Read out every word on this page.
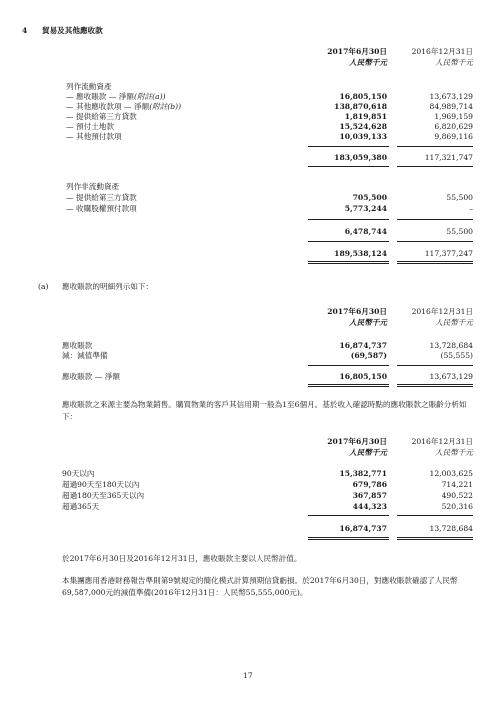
4 貿易及其他應收款
2017年6月30日	2016年12月31日
人民幣千元	人民幣千元
列作流動資產
— 應收賬款 — 淨額(附註(a))	16,805,150	13,673,129
— 其他應收款項 — 淨額(附註(b))	138,870,618	84,989,714
— 提供給第三方貸款	1,819,851	1,969,159
— 預付土地款	15,524,628	6,820,629
— 其他預付款項	10,039,133	9,869,116
183,059,380	117,321,747
列作非流動資產
— 提供給第三方貸款	705,500	55,500
— 收購股權預付款項	5,773,244	–
6,478,744	55,500
189,538,124	117,377,247
(a) 應收賬款的明細列示如下：
2017年6月30日	2016年12月31日
人民幣千元	人民幣千元
應收賬款	16,874,737	13,728,684
減：減值準備	(69,587)	(55,555)
應收賬款 — 淨額	16,805,150	13,673,129
應收賬款之來源主要為物業銷售。購買物業的客戶其信用期一般為1至6個月。基於收入確認時點的應收賬款之賬齡分析如下：
2017年6月30日	2016年12月31日
人民幣千元	人民幣千元
90天以內	15,382,771	12,003,625
超過90天至180天以內	679,786	714,221
超過180天至365天以內	367,857	490,522
超過365天	444,323	520,316
16,874,737	13,728,684
於2017年6月30日及2016年12月31日，應收賬款主要以人民幣計值。
本集團應用香港財務報告準則第9號規定的簡化模式計算預期信貸虧損。於2017年6月30日，對應收賬款確認了人民幣69,587,000元的減值準備(2016年12月31日：人民幣55,555,000元)。
17
